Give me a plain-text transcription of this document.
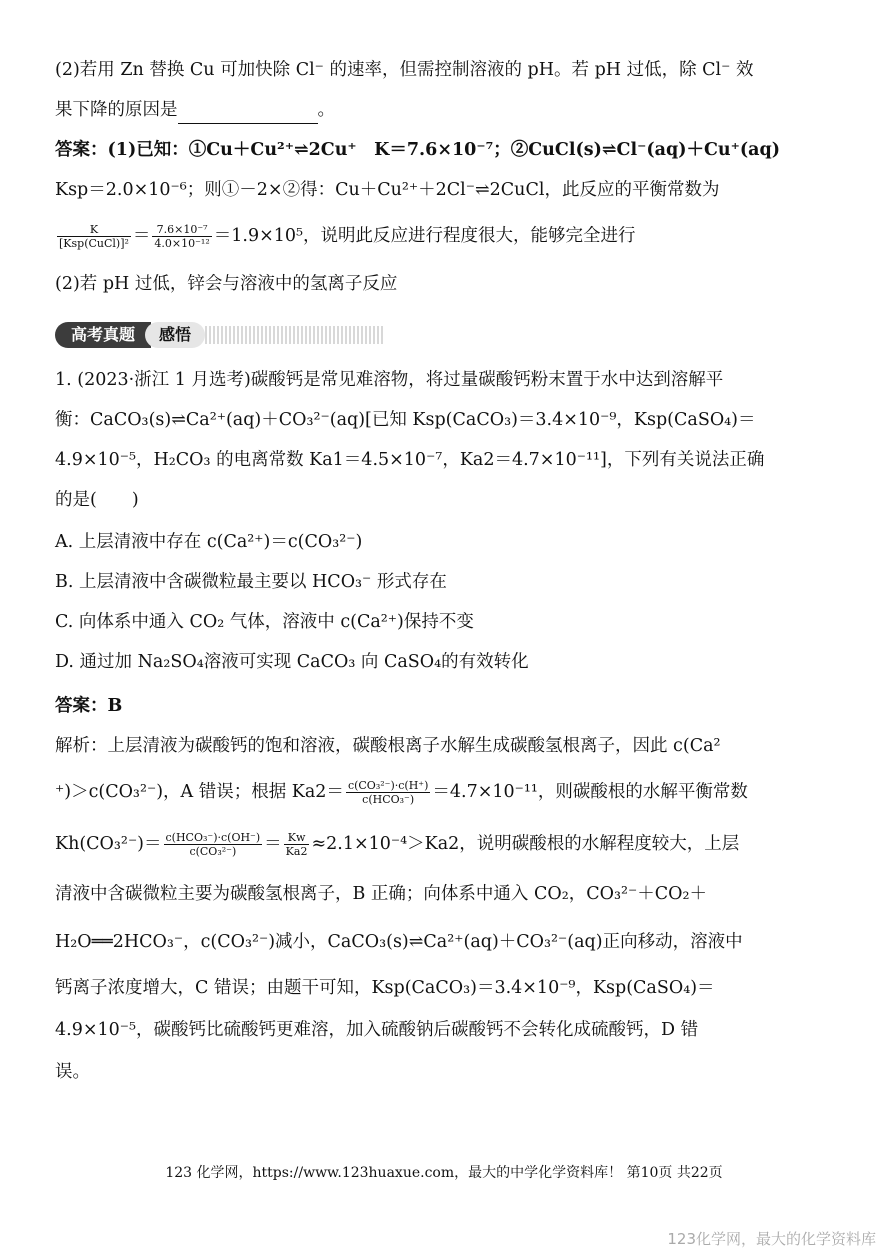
(2)若用 Zn 替换 Cu 可加快除 Cl⁻ 的速率，但需控制溶液的 pH。若 pH 过低，除 Cl⁻ 效
果下降的原因是	。
答案：(1)已知：①Cu＋Cu²⁺⇌2Cu⁺　K＝7.6×10⁻⁷；②CuCl(s)⇌Cl⁻(aq)＋Cu⁺(aq)
Ksp＝2.0×10⁻⁶；则①－2×②得：Cu＋Cu²⁺＋2Cl⁻⇌2CuCl，此反应的平衡常数为
$\frac{K}{\text{[Ksp(CuCl)]²}} = \frac{\text{7.6×10⁻⁷}}{\text{4.0×10⁻¹²}} =1.9\times 10^5$，说明此反应进行程度很大，能够完全进行
(2)若 pH 过低，锌会与溶液中的氢离子反应
高考真题	感悟
1. (2023·浙江 1 月选考)碳酸钙是常见难溶物，将过量碳酸钙粉末置于水中达到溶解平
衡：CaCO₃(s)⇌Ca²⁺(aq)＋CO₃²⁻(aq)[已知 Ksp(CaCO₃)＝3.4×10⁻⁹，Ksp(CaSO₄)＝
4.9×10⁻⁵，H₂CO₃ 的电离常数 Ka1＝4.5×10⁻⁷，Ka2＝4.7×10⁻¹¹]，下列有关说法正确
的是(　　)
A. 上层清液中存在 c(Ca²⁺)＝c(CO₃²⁻)
B. 上层清液中含碳微粒最主要以 HCO₃⁻ 形式存在
C. 向体系中通入 CO₂ 气体，溶液中 c(Ca²⁺)保持不变
D. 通过加 Na₂SO₄溶液可实现 CaCO₃ 向 CaSO₄的有效转化
答案：B
解析：上层清液为碳酸钙的饱和溶液，碳酸根离子水解生成碳酸氢根离子，因此 c(Ca²
⁺)＞c(CO₃²⁻)，A 错误；根据 $Ka2= \frac{\text{c(CO₃²⁻)·c(H⁺)}}{\text{c(HCO₃⁻)}} =4.7\times 10^{-11}$，则碳酸根的水解平衡常数
$Kh(CO_3^{2-})= \frac{\text{c(HCO₃⁻)·c(OH⁻)}}{\text{c(CO₃²⁻)}} = \frac{Kw}{Ka2} \approx 2.1\times 10^{-4}>Ka2$，说明碳酸根的水解程度较大，上层
清液中含碳微粒主要为碳酸氢根离子，B 正确；向体系中通入 CO₂，CO₃²⁻＋CO₂＋
H₂O══2HCO₃⁻，c(CO₃²⁻)减小，CaCO₃(s)⇌Ca²⁺(aq)＋CO₃²⁻(aq)正向移动，溶液中
钙离子浓度增大，C 错误；由题干可知，Ksp(CaCO₃)＝3.4×10⁻⁹，Ksp(CaSO₄)＝
4.9×10⁻⁵，碳酸钙比硫酸钙更难溶，加入硫酸钠后碳酸钙不会转化成硫酸钙，D 错
误。
123 化学网，https://www.123huaxue.com，最大的中学化学资料库！ 第10页 共22页
123化学网，最大的化学资料库
